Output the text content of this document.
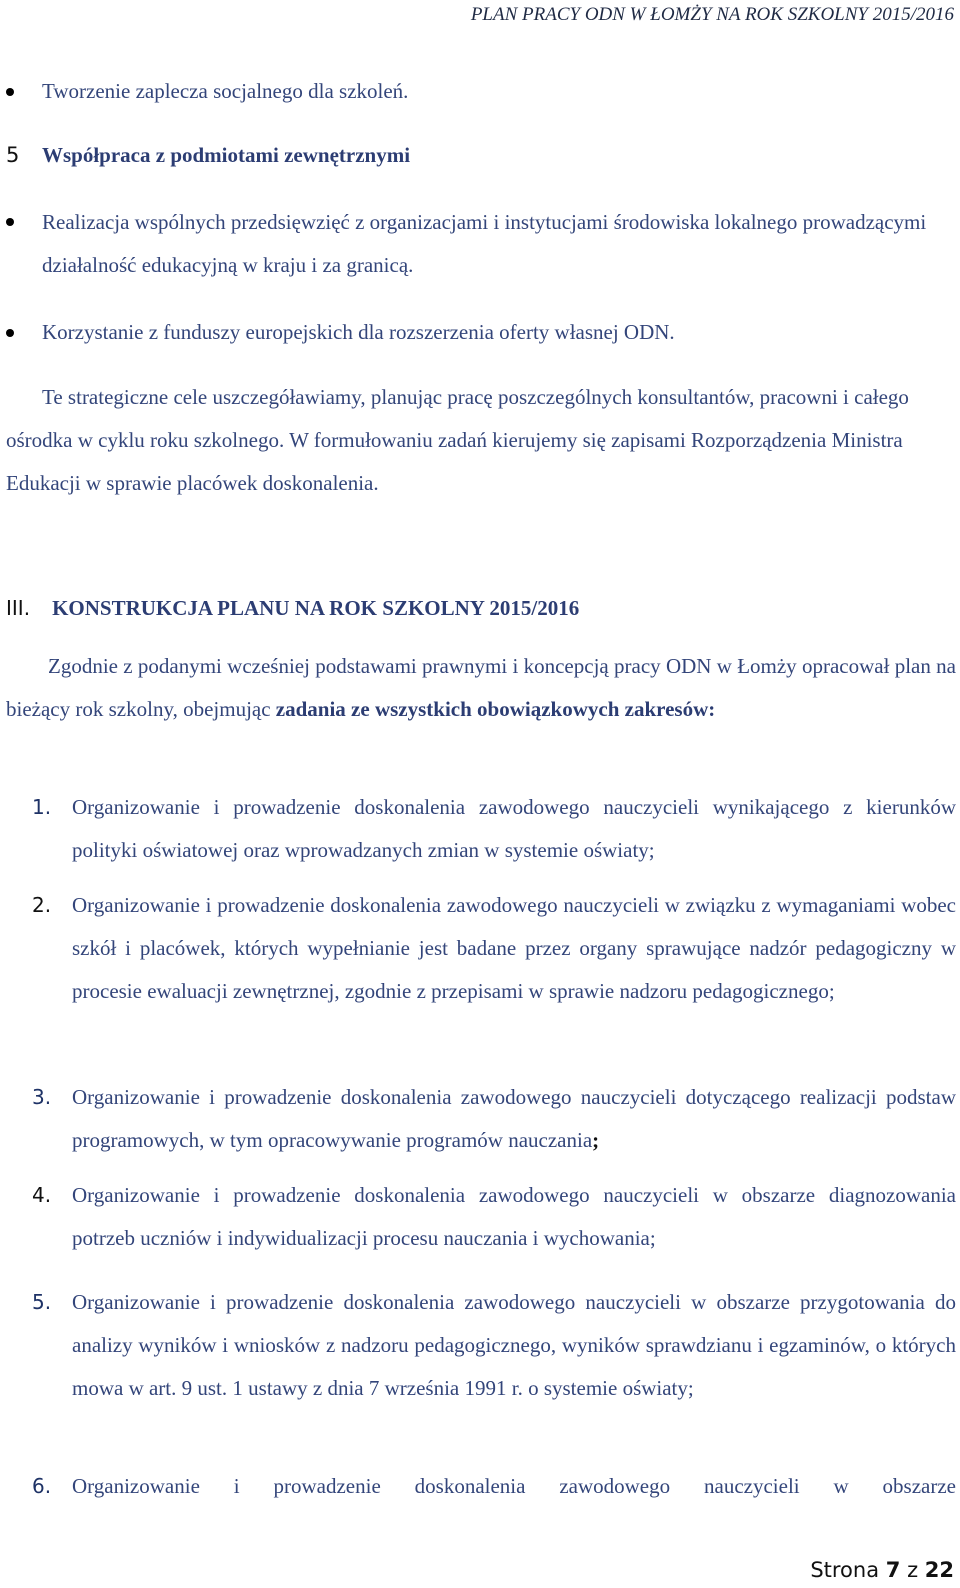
PLAN PRACY ODN W ŁOMŻY NA ROK SZKOLNY 2015/2016
Tworzenie zaplecza socjalnego dla szkoleń.
5 Współpraca z podmiotami zewnętrznymi
Realizacja wspólnych przedsięwzięć z organizacjami i instytucjami środowiska lokalnego prowadzącymi działalność edukacyjną w kraju i za granicą.
Korzystanie z funduszy europejskich dla rozszerzenia oferty własnej ODN.
Te strategiczne cele uszczegóławiamy, planując pracę poszczególnych konsultantów, pracowni i całego ośrodka w cyklu roku szkolnego. W formułowaniu zadań kierujemy się zapisami Rozporządzenia Ministra Edukacji w sprawie placówek doskonalenia.
III. KONSTRUKCJA PLANU NA ROK SZKOLNY 2015/2016
Zgodnie z podanymi wcześniej podstawami prawnymi i koncepcją pracy ODN w Łomży opracował plan na bieżący rok szkolny, obejmując zadania ze wszystkich obowiązkowych zakresów:
1. Organizowanie i prowadzenie doskonalenia zawodowego nauczycieli wynikającego z kierunków polityki oświatowej oraz wprowadzanych zmian w systemie oświaty;
2. Organizowanie i prowadzenie doskonalenia zawodowego nauczycieli w związku z wymaganiami wobec szkół i placówek, których wypełnianie jest badane przez organy sprawujące nadzór pedagogiczny w procesie ewaluacji zewnętrznej, zgodnie z przepisami w sprawie nadzoru pedagogicznego;
3. Organizowanie i prowadzenie doskonalenia zawodowego nauczycieli dotyczącego realizacji podstaw programowych, w tym opracowywanie programów nauczania;
4. Organizowanie i prowadzenie doskonalenia zawodowego nauczycieli w obszarze diagnozowania potrzeb uczniów i indywidualizacji procesu nauczania i wychowania;
5. Organizowanie i prowadzenie doskonalenia zawodowego nauczycieli w obszarze przygotowania do analizy wyników i wniosków z nadzoru pedagogicznego, wyników sprawdzianu i egzaminów, o których mowa w art. 9 ust. 1 ustawy z dnia 7 września 1991 r. o systemie oświaty;
6. Organizowanie i prowadzenie doskonalenia zawodowego nauczycieli w obszarze
Strona 7 z 22
